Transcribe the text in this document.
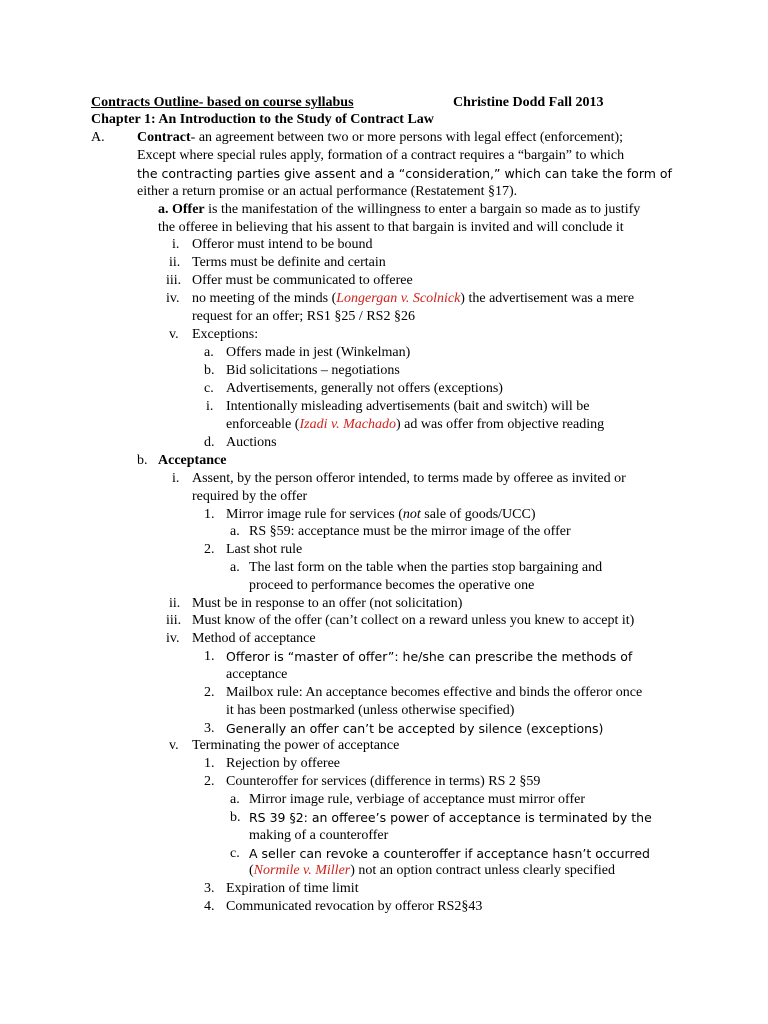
Contracts Outline- based on course syllabus	Christine Dodd Fall 2013
Chapter 1: An Introduction to the Study of Contract Law
A. Contract- an agreement between two or more persons with legal effect (enforcement);
Except where special rules apply, formation of a contract requires a “bargain” to which
the contracting parties give assent and a “consideration,” which can take the form of
either a return promise or an actual performance (Restatement §17).
a. Offer is the manifestation of the willingness to enter a bargain so made as to justify
the offeree in believing that his assent to that bargain is invited and will conclude it
i. Offeror must intend to be bound
ii. Terms must be definite and certain
iii. Offer must be communicated to offeree
iv. no meeting of the minds (Longergan v. Scolnick) the advertisement was a mere
request for an offer; RS1 §25 / RS2 §26
v. Exceptions:
a. Offers made in jest (Winkelman)
b. Bid solicitations – negotiations
c. Advertisements, generally not offers (exceptions)
i. Intentionally misleading advertisements (bait and switch) will be
enforceable (Izadi v. Machado) ad was offer from objective reading
d. Auctions
b. Acceptance
i. Assent, by the person offeror intended, to terms made by offeree as invited or
required by the offer
1. Mirror image rule for services (not sale of goods/UCC)
a. RS §59: acceptance must be the mirror image of the offer
2. Last shot rule
a. The last form on the table when the parties stop bargaining and
proceed to performance becomes the operative one
ii. Must be in response to an offer (not solicitation)
iii. Must know of the offer (can’t collect on a reward unless you knew to accept it)
iv. Method of acceptance
1. Offeror is “master of offer”: he/she can prescribe the methods of
acceptance
2. Mailbox rule: An acceptance becomes effective and binds the offeror once
it has been postmarked (unless otherwise specified)
3. Generally an offer can’t be accepted by silence (exceptions)
v. Terminating the power of acceptance
1. Rejection by offeree
2. Counteroffer for services (difference in terms) RS 2 §59
a. Mirror image rule, verbiage of acceptance must mirror offer
b. RS 39 §2: an offeree’s power of acceptance is terminated by the
making of a counteroffer
c. A seller can revoke a counteroffer if acceptance hasn’t occurred
(Normile v. Miller) not an option contract unless clearly specified
3. Expiration of time limit
4. Communicated revocation by offeror RS2§43
